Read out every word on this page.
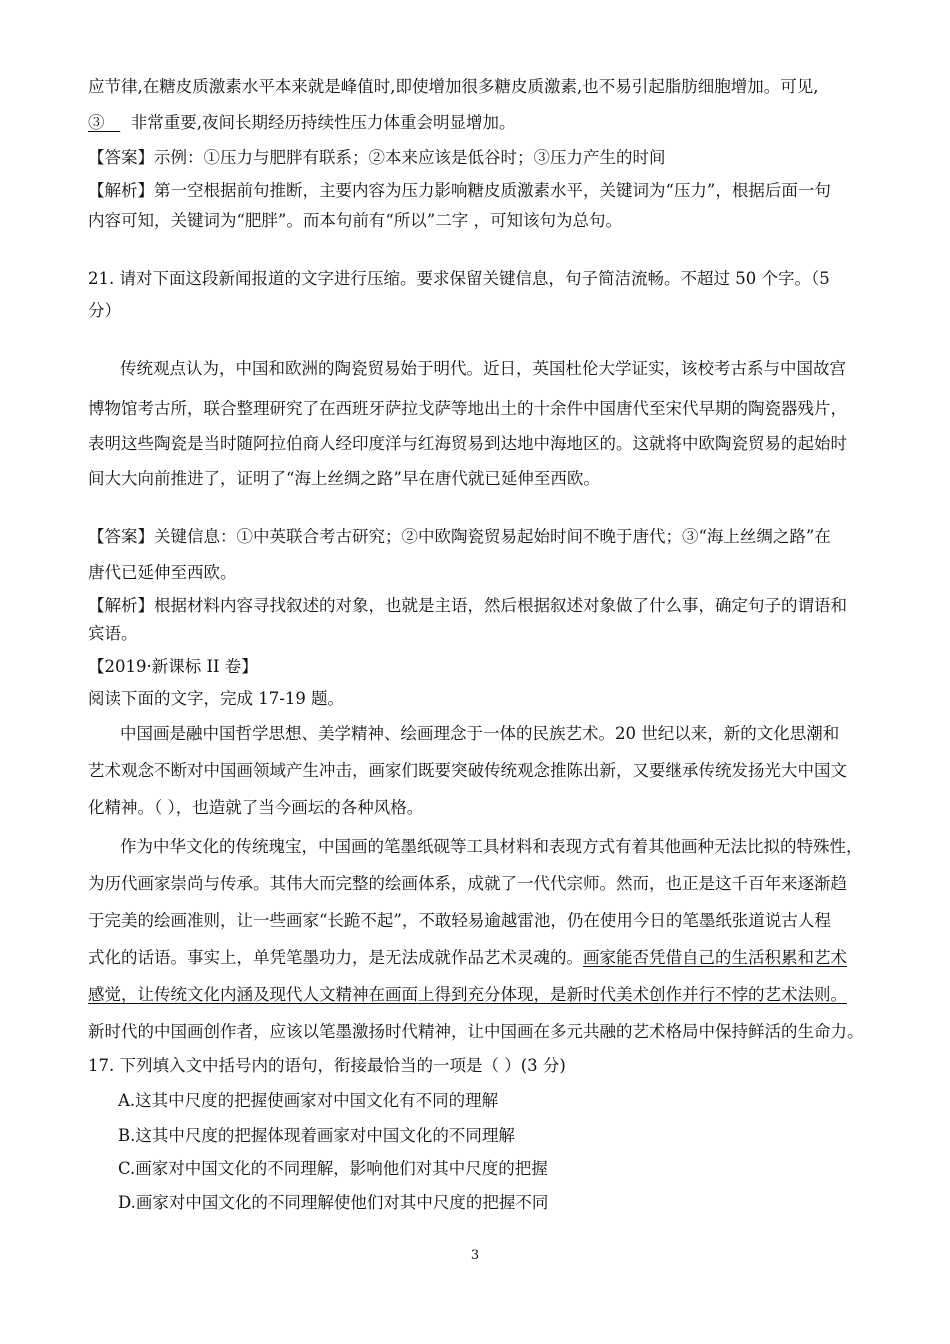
应节律,在糖皮质激素水平本来就是峰值时,即使增加很多糖皮质激素,也不易引起脂肪细胞增加。可见,
③ 非常重要,夜间长期经历持续性压力体重会明显增加。
【答案】示例：①压力与肥胖有联系；②本来应该是低谷时；③压力产生的时间
【解析】第一空根据前句推断，主要内容为压力影响糖皮质激素水平，关键词为“压力”，根据后面一句
内容可知，关键词为“肥胖”。而本句前有“所以”二字 ，可知该句为总句。
21. 请对下面这段新闻报道的文字进行压缩。要求保留关键信息，句子简洁流畅。不超过 50 个字。（5
分）
传统观点认为，中国和欧洲的陶瓷贸易始于明代。近日，英国杜伦大学证实，该校考古系与中国故宫
博物馆考古所，联合整理研究了在西班牙萨拉戈萨等地出土的十余件中国唐代至宋代早期的陶瓷器残片，
表明这些陶瓷是当时随阿拉伯商人经印度洋与红海贸易到达地中海地区的。这就将中欧陶瓷贸易的起始时
间大大向前推进了，证明了“海上丝绸之路”早在唐代就已延伸至西欧。
【答案】关键信息：①中英联合考古研究；②中欧陶瓷贸易起始时间不晚于唐代；③“海上丝绸之路”在
唐代已延伸至西欧。
【解析】根据材料内容寻找叙述的对象，也就是主语，然后根据叙述对象做了什么事，确定句子的谓语和
宾语。
【2019·新课标 II 卷】
阅读下面的文字，完成 17-19 题。
中国画是融中国哲学思想、美学精神、绘画理念于一体的民族艺术。20 世纪以来，新的文化思潮和
艺术观念不断对中国画领域产生冲击，画家们既要突破传统观念推陈出新，又要继承传统发扬光大中国文
化精神。（ ），也造就了当今画坛的各种风格。
作为中华文化的传统瑰宝，中国画的笔墨纸砚等工具材料和表现方式有着其他画种无法比拟的特殊性，
为历代画家崇尚与传承。其伟大而完整的绘画体系，成就了一代代宗师。然而，也正是这千百年来逐渐趋
于完美的绘画准则，让一些画家“长跪不起”，不敢轻易逾越雷池，仍在使用今日的笔墨纸张道说古人程
式化的话语。事实上，单凭笔墨功力，是无法成就作品艺术灵魂的。画家能否凭借自己的生活积累和艺术
感觉，让传统文化内涵及现代人文精神在画面上得到充分体现，是新时代美术创作并行不悖的艺术法则。
新时代的中国画创作者，应该以笔墨激扬时代精神，让中国画在多元共融的艺术格局中保持鲜活的生命力。
17. 下列填入文中括号内的语句，衔接最恰当的一项是（ ）(3 分)
A.这其中尺度的把握使画家对中国文化有不同的理解
B.这其中尺度的把握体现着画家对中国文化的不同理解
C.画家对中国文化的不同理解，影响他们对其中尺度的把握
D.画家对中国文化的不同理解使他们对其中尺度的把握不同
3
